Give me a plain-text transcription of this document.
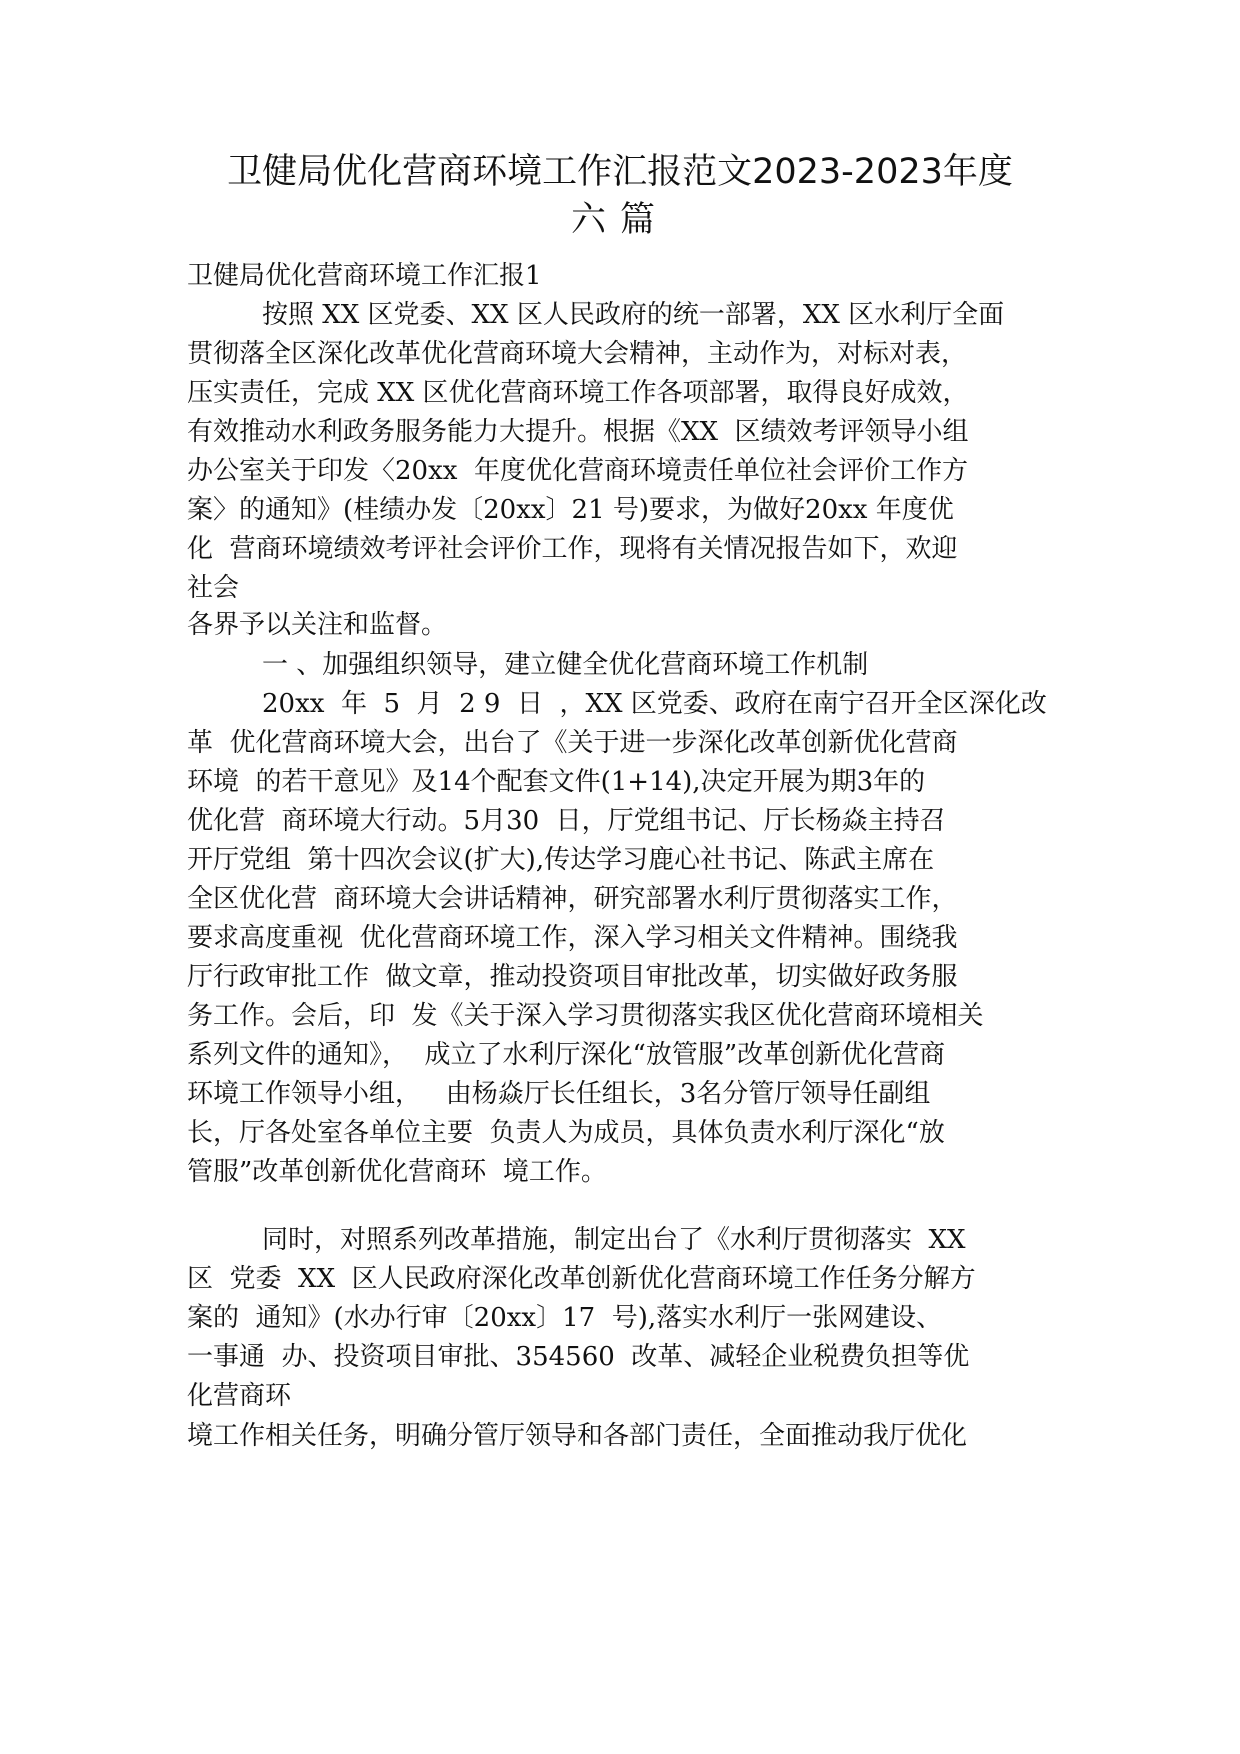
卫健局优化营商环境工作汇报范文2023-2023年度
六篇
卫健局优化营商环境工作汇报1
按照 XX 区党委、XX 区人民政府的统一部署，XX 区水利厅全面
贯彻落全区深化改革优化营商环境大会精神，主动作为，对标对表，
压实责任，完成 XX 区优化营商环境工作各项部署，取得良好成效，
有效推动水利政务服务能力大提升。根据《XX  区绩效考评领导小组
办公室关于印发〈20xx  年度优化营商环境责任单位社会评价工作方
案〉的通知》(桂绩办发〔20xx〕21 号)要求，为做好20xx 年度优
化  营商环境绩效考评社会评价工作，现将有关情况报告如下，欢迎
社会
各界予以关注和监督。
一 、加强组织领导，建立健全优化营商环境工作机制
20xx  年  5  月  2 9  日  ，XX 区党委、政府在南宁召开全区深化改
革  优化营商环境大会，出台了《关于进一步深化改革创新优化营商
环境  的若干意见》及14个配套文件(1+14),决定开展为期3年的
优化营  商环境大行动。5月30  日，厅党组书记、厅长杨焱主持召
开厅党组  第十四次会议(扩大),传达学习鹿心社书记、陈武主席在
全区优化营  商环境大会讲话精神，研究部署水利厅贯彻落实工作，
要求高度重视  优化营商环境工作，深入学习相关文件精神。围绕我
厅行政审批工作  做文章，推动投资项目审批改革，切实做好政务服
务工作。会后，印  发《关于深入学习贯彻落实我区优化营商环境相关
系列文件的通知》，  成立了水利厅深化“放管服”改革创新优化营商
环境工作领导小组，   由杨焱厅长任组长，3名分管厅领导任副组
长，厅各处室各单位主要  负责人为成员，具体负责水利厅深化“放
管服”改革创新优化营商环  境工作。
同时，对照系列改革措施，制定出台了《水利厅贯彻落实  XX
区  党委  XX  区人民政府深化改革创新优化营商环境工作任务分解方
案的  通知》(水办行审〔20xx〕17  号),落实水利厅一张网建设、
一事通  办、投资项目审批、354560  改革、减轻企业税费负担等优
化营商环
境工作相关任务，明确分管厅领导和各部门责任，全面推动我厅优化
